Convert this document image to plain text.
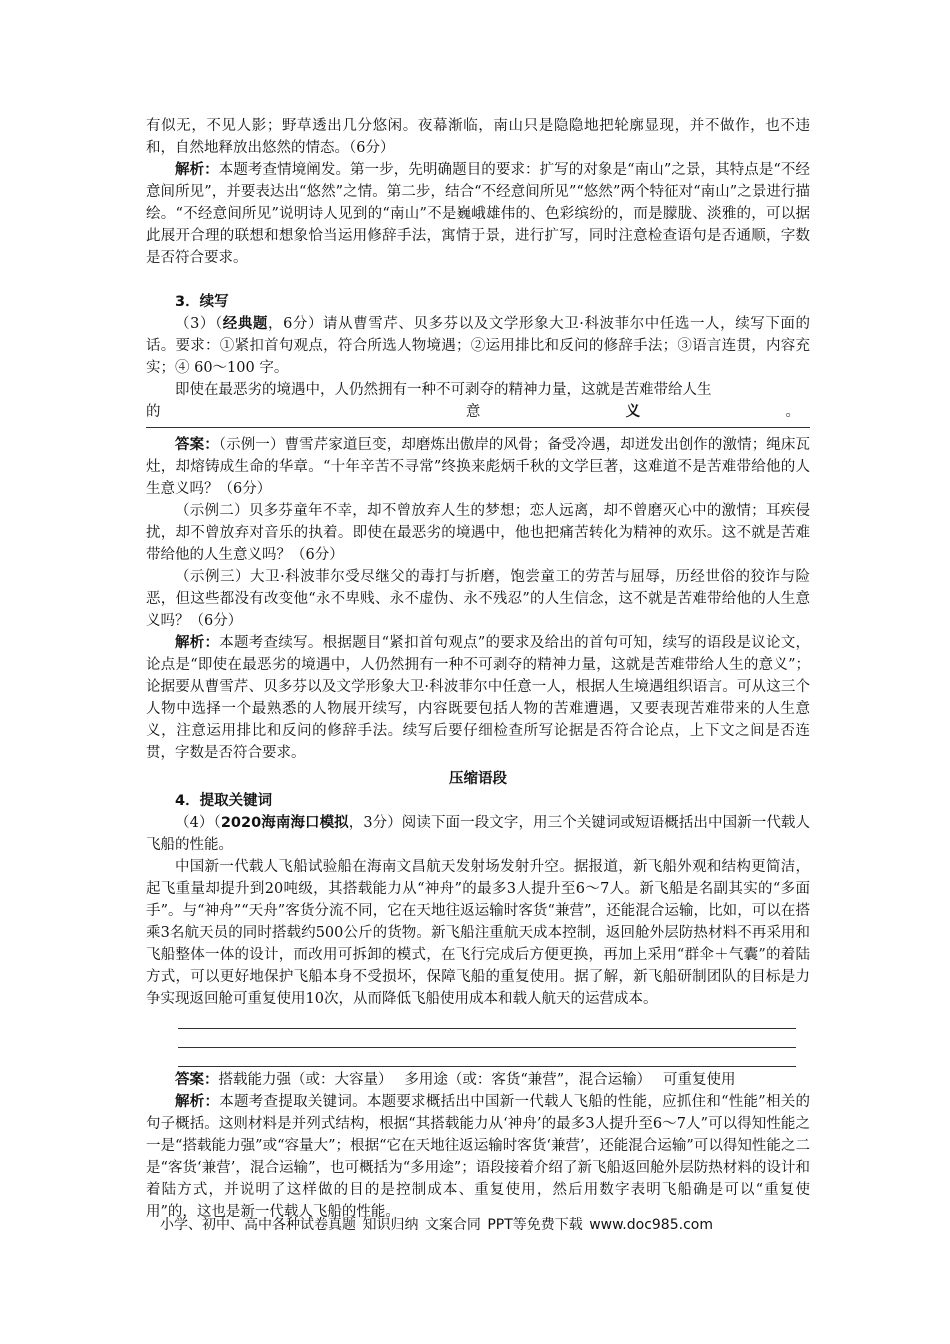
有似无，不见人影；野草透出几分悠闲。夜幕渐临，南山只是隐隐地把轮廓显现，并不做作，也不违和，自然地释放出悠然的情态。（6分）

解析：本题考查情境阐发。第一步，先明确题目的要求：扩写的对象是“南山”之景，其特点是“不经意间所见”，并要表达出“悠然”之情。第二步，结合“不经意间所见”“悠然”两个特征对“南山”之景进行描绘。“不经意间所见”说明诗人见到的“南山”不是巍峨雄伟的、色彩缤纷的，而是朦胧、淡雅的，可以据此展开合理的联想和想象恰当运用修辞手法，寓情于景，进行扩写，同时注意检查语句是否通顺，字数是否符合要求。

3．续写

（3）（经典题，6分）请从曹雪芹、贝多芬以及文学形象大卫·科波菲尔中任选一人，续写下面的话。要求：①紧扣首句观点，符合所选人物境遇；②运用排比和反问的修辞手法；③语言连贯，内容充实；④ 60～100 字。

即使在最恶劣的境遇中，人仍然拥有一种不可剥夺的精神力量，这就是苦难带给人生

的	意	义	。

答案：（示例一）曹雪芹家道巨变，却磨炼出傲岸的风骨；备受冷遇，却迸发出创作的激情；绳床瓦灶，却熔铸成生命的华章。“十年辛苦不寻常”终换来彪炳千秋的文学巨著，这难道不是苦难带给他的人生意义吗？（6分）

（示例二）贝多芬童年不幸，却不曾放弃人生的梦想；恋人远离，却不曾磨灭心中的激情；耳疾侵扰，却不曾放弃对音乐的执着。即使在最恶劣的境遇中，他也把痛苦转化为精神的欢乐。这不就是苦难带给他的人生意义吗？（6分）

（示例三）大卫·科波菲尔受尽继父的毒打与折磨，饱尝童工的劳苦与屈辱，历经世俗的狡诈与险恶，但这些都没有改变他“永不卑贱、永不虚伪、永不残忍”的人生信念，这不就是苦难带给他的人生意义吗？（6分）

解析：本题考查续写。根据题目“紧扣首句观点”的要求及给出的首句可知，续写的语段是议论文，论点是“即使在最恶劣的境遇中，人仍然拥有一种不可剥夺的精神力量，这就是苦难带给人生的意义”；论据要从曹雪芹、贝多芬以及文学形象大卫·科波菲尔中任意一人，根据人生境遇组织语言。可从这三个人物中选择一个最熟悉的人物展开续写，内容既要包括人物的苦难遭遇，又要表现苦难带来的人生意义，注意运用排比和反问的修辞手法。续写后要仔细检查所写论据是否符合论点，上下文之间是否连贯，字数是否符合要求。

压缩语段

4．提取关键词

（4）（2020海南海口模拟，3分）阅读下面一段文字，用三个关键词或短语概括出中国新一代载人飞船的性能。

中国新一代载人飞船试验船在海南文昌航天发射场发射升空。据报道，新飞船外观和结构更简洁，起飞重量却提升到20吨级，其搭载能力从“神舟”的最多3人提升至6～7人。新飞船是名副其实的“多面手”。与“神舟”“天舟”客货分流不同，它在天地往返运输时客货“兼营”，还能混合运输，比如，可以在搭乘3名航天员的同时搭载约500公斤的货物。新飞船注重航天成本控制，返回舱外层防热材料不再采用和飞船整体一体的设计，而改用可拆卸的模式，在飞行完成后方便更换，再加上采用“群伞＋气囊”的着陆方式，可以更好地保护飞船本身不受损坏，保障飞船的重复使用。据了解，新飞船研制团队的目标是力争实现返回舱可重复使用10次，从而降低飞船使用成本和载人航天的运营成本。

答案：搭载能力强（或：大容量）　 多用途（或：客货“兼营”，混合运输）　 可重复使用

解析：本题考查提取关键词。本题要求概括出中国新一代载人飞船的性能，应抓住和“性能”相关的句子概括。这则材料是并列式结构，根据“其搭载能力从‘神舟’的最多3人提升至6～7人”可以得知性能之一是“搭载能力强”或“容量大”；根据“它在天地往返运输时客货‘兼营’，还能混合运输”可以得知性能之二是“客货‘兼营’，混合运输”，也可概括为“多用途”；语段接着介绍了新飞船返回舱外层防热材料的设计和着陆方式，并说明了这样做的目的是控制成本、重复使用，然后用数字表明飞船确是可以“重复使用”的，这也是新一代载人飞船的性能。

小学、初中、高中各种试卷真题 知识归纳 文案合同 PPT等免费下载 www.doc985.com
